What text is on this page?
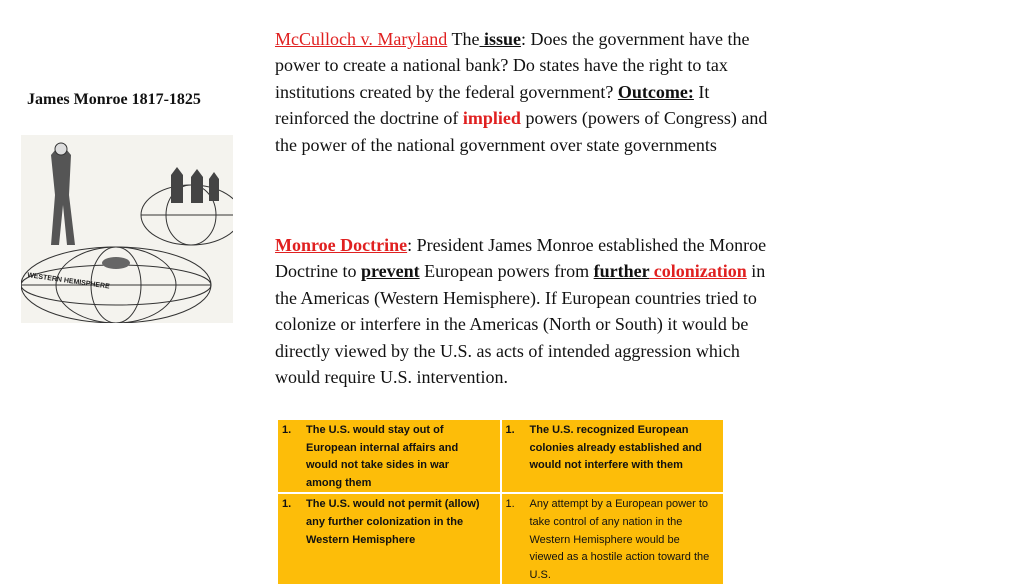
James Monroe 1817-1825
WESTERN HEMISPHERE
McCulloch v. Maryland The issue: Does the government have the power to create a national bank? Do states have the right to tax institutions created by the federal government? Outcome: It reinforced the doctrine of implied powers (powers of Congress) and the power of the national government over state governments
Monroe Doctrine: President James Monroe established the Monroe Doctrine to prevent European powers from further colonization in the Americas (Western Hemisphere). If European countries tried to colonize or interfere in the Americas (North or South) it would be directly viewed by the U.S. as acts of intended aggression which would require U.S. intervention.
1. The U.S. would stay out of European internal affairs and would not take sides in war among them	1. The U.S. recognized European colonies already established and would not interfere with them
1. The U.S. would not permit (allow) any further colonization in the Western Hemisphere	1. Any attempt by a European power to take control of any nation in the Western Hemisphere would be viewed as a hostile action toward the U.S.
